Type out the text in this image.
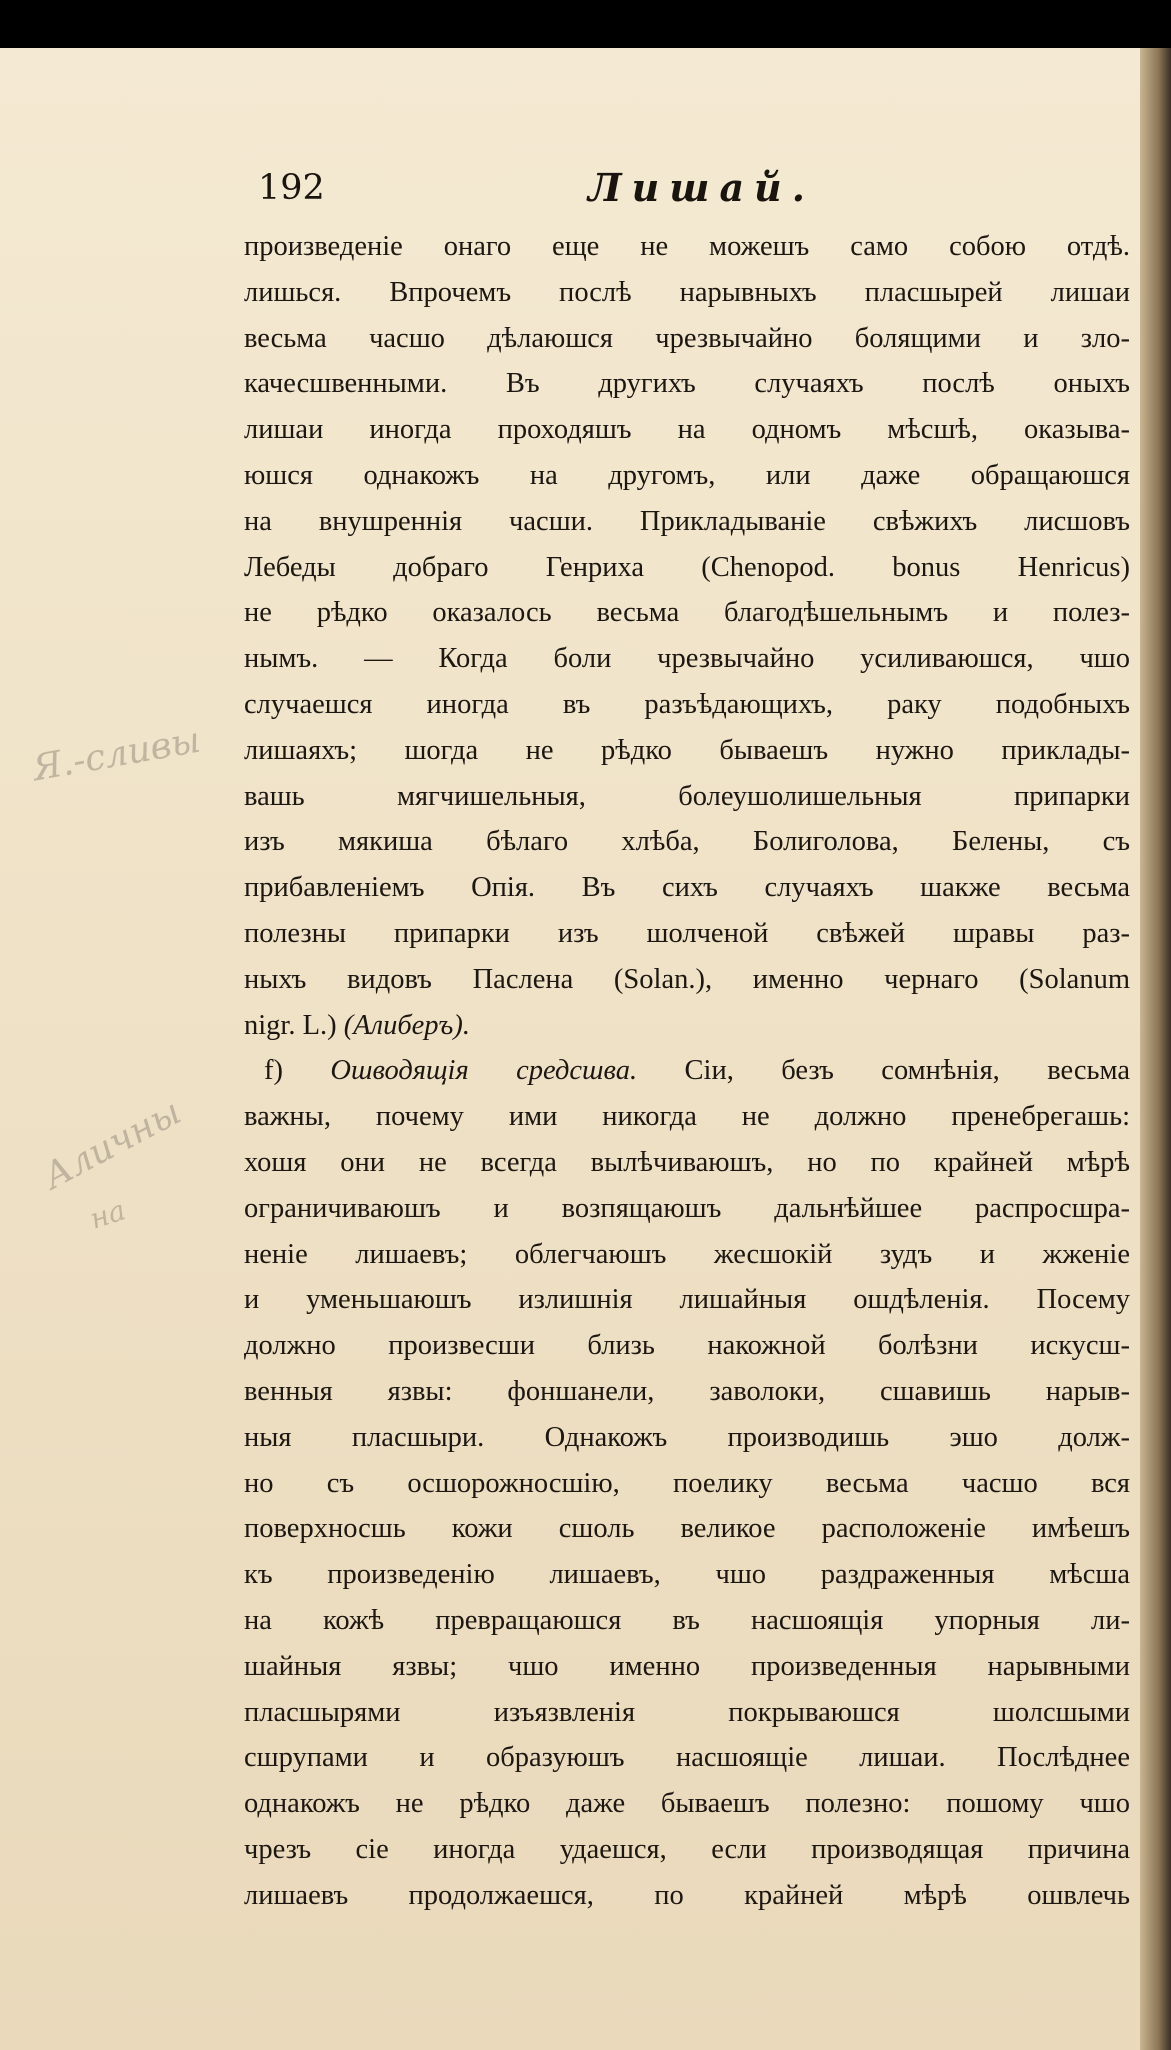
192	Лишай.
Я.-сливы
Аличны
на
произведеніе онаго еще не можешъ само собою отдѣ.
лишься. Впрочемъ послѣ нарывныхъ пласшырей лишаи
весьма часшо дѣлаюшся чрезвычайно болящими и зло-
качесшвенными. Въ другихъ случаяхъ послѣ оныхъ
лишаи иногда проходяшъ на одномъ мѣсшѣ, оказыва-
юшся однакожъ на другомъ, или даже обращаюшся
на внушреннія часши. Прикладываніе свѣжихъ лисшовъ
Лебеды добраго Генриха (Chenopod. bonus Henricus)
не рѣдко оказалось весьма благодѣшельнымъ и полез-
нымъ. — Когда боли чрезвычайно усиливаюшся, чшо
случаешся иногда въ разъѣдающихъ, раку подобныхъ
лишаяхъ; шогда не рѣдко бываешъ нужно приклады-
вашь мягчишельныя, болеушолишельныя припарки
изъ мякиша бѣлаго хлѣба, Болиголова, Белены, съ
прибавленіемъ Опія. Въ сихъ случаяхъ шакже весьма
полезны припарки изъ шолченой свѣжей шравы раз-
ныхъ видовъ Паслена (Solan.), именно чернаго (Solanum
nigr. L.) (Алиберъ).
f) Ошводящія средсшва. Сіи, безъ сомнѣнія, весьма
важны, почему ими никогда не должно пренебрегашь:
хошя они не всегда вылѣчиваюшъ, но по крайней мѣрѣ
ограничиваюшъ и возпящаюшъ дальнѣйшее распросшра-
неніе лишаевъ; облегчаюшъ жесшокій зудъ и жженіе
и уменьшаюшъ излишнія лишайныя ошдѣленія. Посему
должно произвесши близь накожной болѣзни искусш-
венныя язвы: фоншанели, заволоки, сшавишь нарыв-
ныя пласшыри. Однакожъ производишь эшо долж-
но съ осшорожносшію, поелику весьма часшо вся
поверхносшь кожи сшоль великое расположеніе имѣешъ
къ произведенію лишаевъ, чшо раздраженныя мѣсша
на кожѣ превращаюшся въ насшоящія упорныя ли-
шайныя язвы; чшо именно произведенныя нарывными
пласшырями изъязвленія покрываюшся шолсшыми
сшрупами и образуюшъ насшоящіе лишаи. Послѣднее
однакожъ не рѣдко даже бываешъ полезно: пошому чшо
чрезъ сіе иногда удаешся, если производящая причина
лишаевъ продолжаешся, по крайней мѣрѣ ошвлечь
